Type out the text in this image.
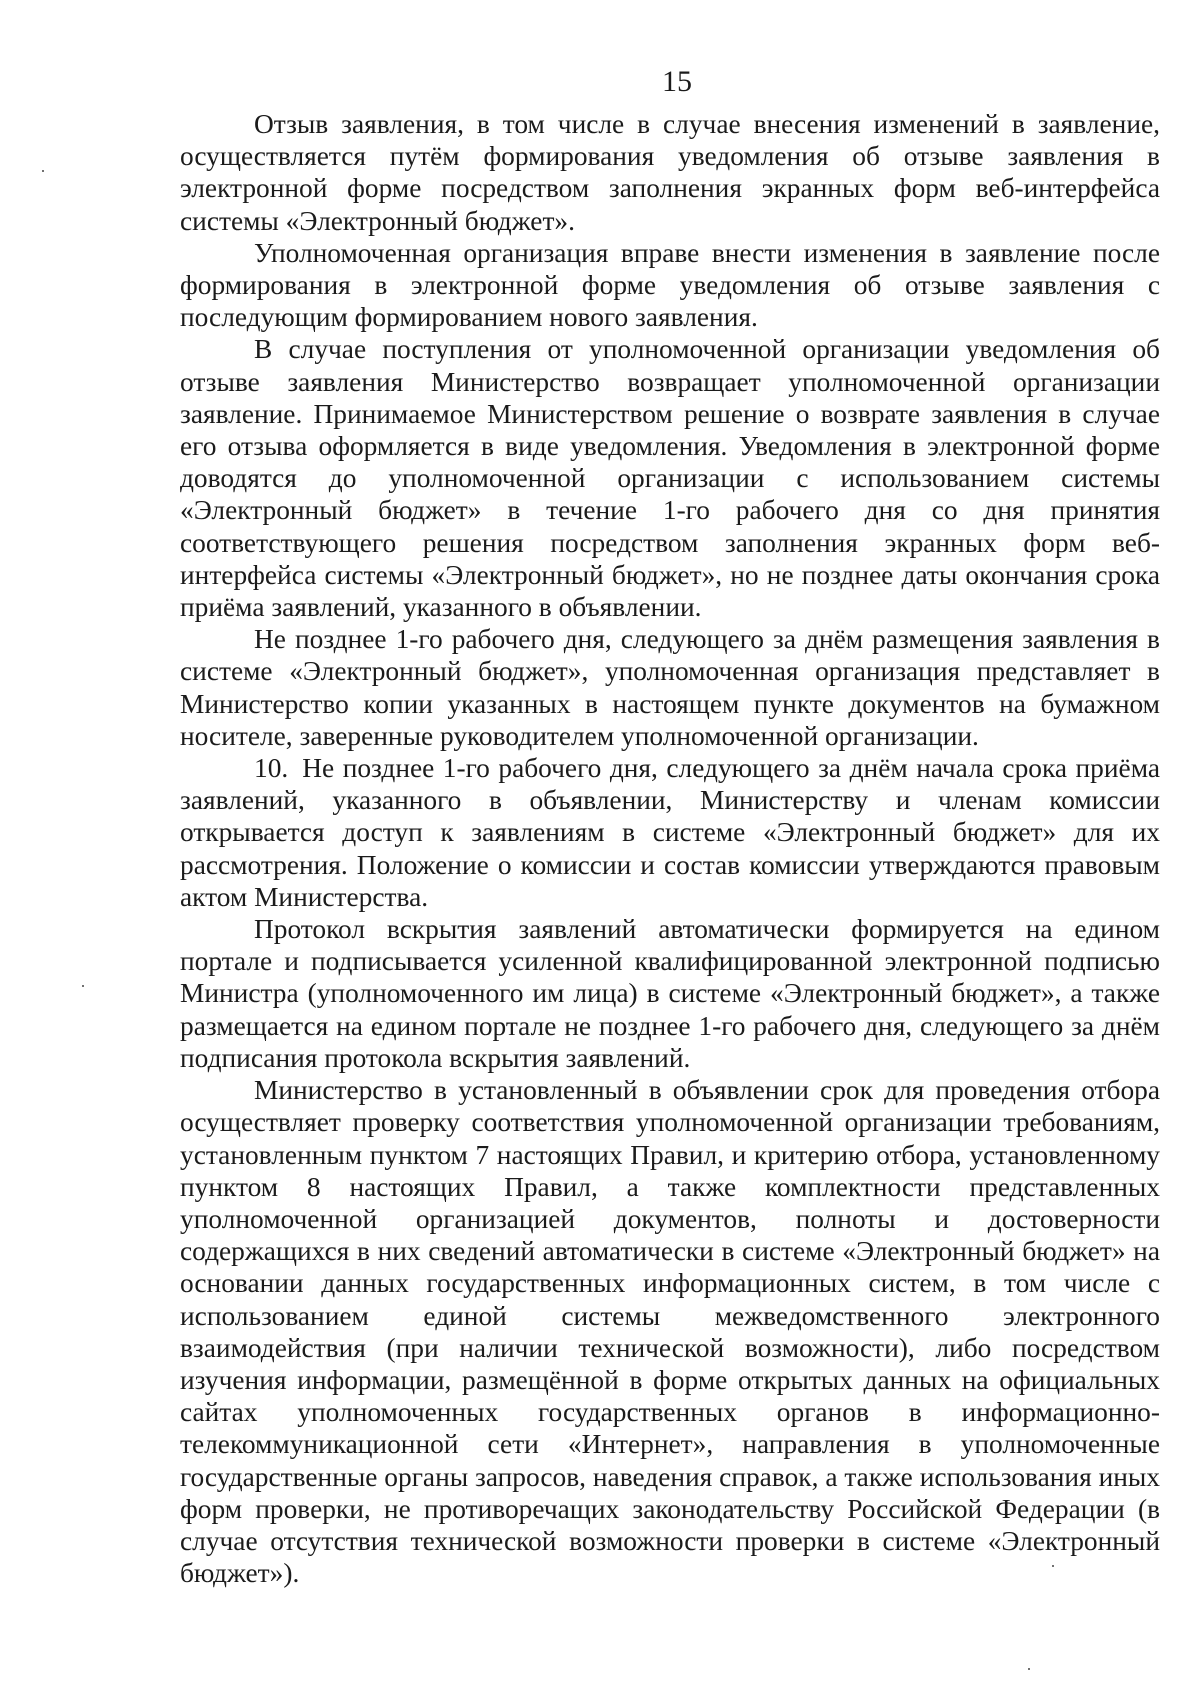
15

Отзыв заявления, в том числе в случае внесения изменений в заявление, осуществляется путём формирования уведомления об отзыве заявления в электронной форме посредством заполнения экранных форм веб-интерфейса системы «Электронный бюджет».

Уполномоченная организация вправе внести изменения в заявление после формирования в электронной форме уведомления об отзыве заявления с последующим формированием нового заявления.

В случае поступления от уполномоченной организации уведомления об отзыве заявления Министерство возвращает уполномоченной организации заявление. Принимаемое Министерством решение о возврате заявления в случае его отзыва оформляется в виде уведомления. Уведомления в электронной форме доводятся до уполномоченной организации с использованием системы «Электронный бюджет» в течение 1-го рабочего дня со дня принятия соответствующего решения посредством заполнения экранных форм веб-интерфейса системы «Электронный бюджет», но не позднее даты окончания срока приёма заявлений, указанного в объявлении.

Не позднее 1-го рабочего дня, следующего за днём размещения заявления в системе «Электронный бюджет», уполномоченная организация представляет в Министерство копии указанных в настоящем пункте документов на бумажном носителе, заверенные руководителем уполномоченной организации.

10. Не позднее 1-го рабочего дня, следующего за днём начала срока приёма заявлений, указанного в объявлении, Министерству и членам комиссии открывается доступ к заявлениям в системе «Электронный бюджет» для их рассмотрения. Положение о комиссии и состав комиссии утверждаются правовым актом Министерства.

Протокол вскрытия заявлений автоматически формируется на едином портале и подписывается усиленной квалифицированной электронной подписью Министра (уполномоченного им лица) в системе «Электронный бюджет», а также размещается на едином портале не позднее 1-го рабочего дня, следующего за днём подписания протокола вскрытия заявлений.

Министерство в установленный в объявлении срок для проведения отбора осуществляет проверку соответствия уполномоченной организации требованиям, установленным пунктом 7 настоящих Правил, и критерию отбора, установленному пунктом 8 настоящих Правил, а также комплектности представленных уполномоченной организацией документов, полноты и достоверности содержащихся в них сведений автоматически в системе «Электронный бюджет» на основании данных государственных информационных систем, в том числе с использованием единой системы межведомственного электронного взаимодействия (при наличии технической возможности), либо посредством изучения информации, размещённой в форме открытых данных на официальных сайтах уполномоченных государственных органов в информационно-телекоммуникационной сети «Интернет», направления в уполномоченные государственные органы запросов, наведения справок, а также использования иных форм проверки, не противоречащих законодательству Российской Федерации (в случае отсутствия технической возможности проверки в системе «Электронный бюджет»).
